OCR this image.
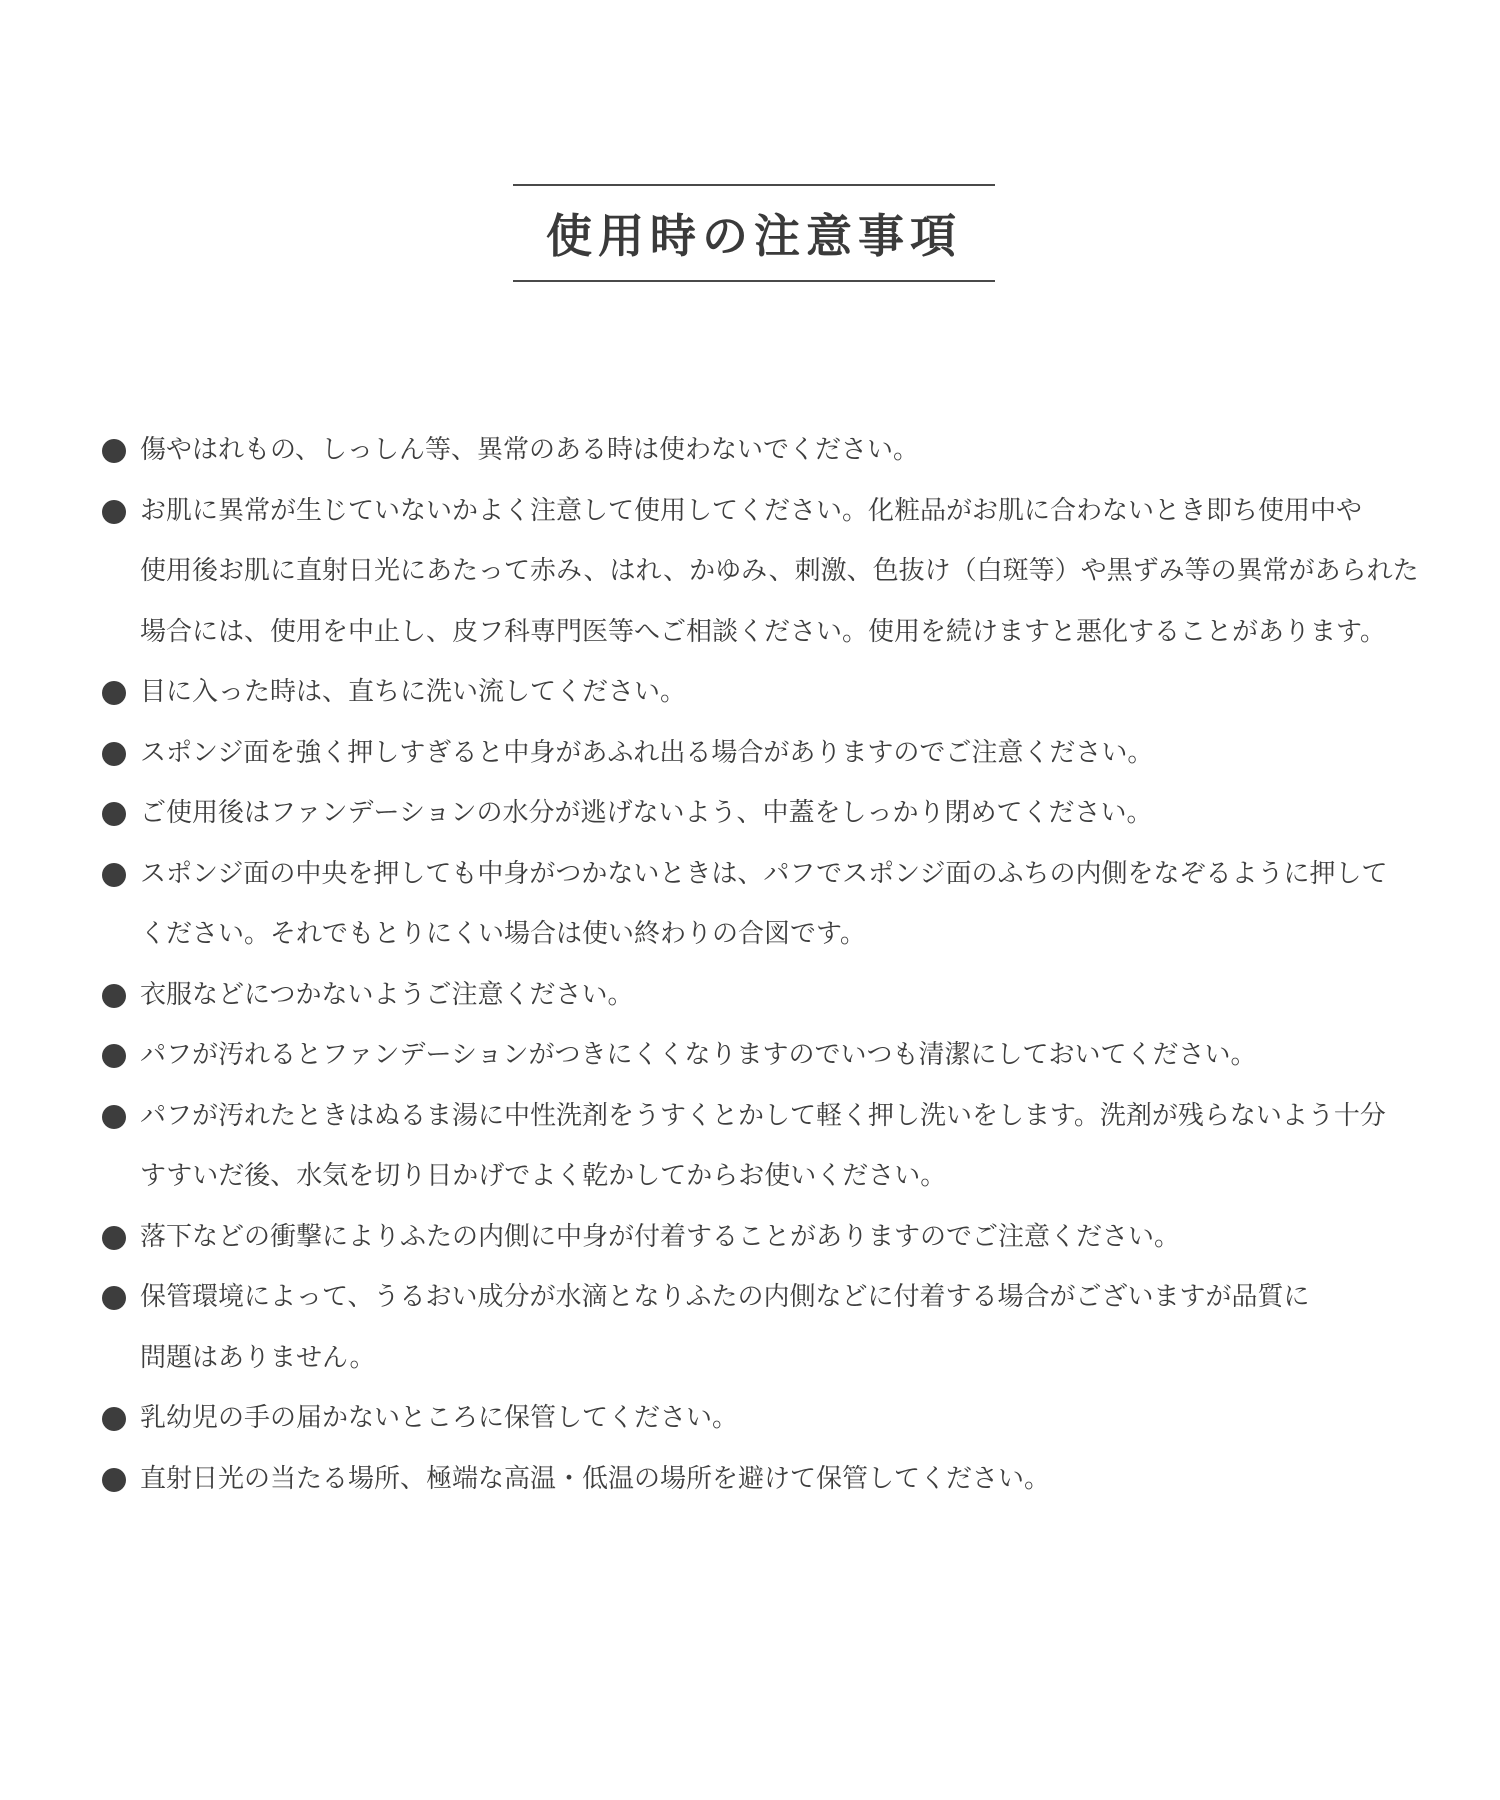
使用時の注意事項
傷やはれもの、しっしん等、異常のある時は使わないでください。
お肌に異常が生じていないかよく注意して使用してください。化粧品がお肌に合わないとき即ち使用中や
使用後お肌に直射日光にあたって赤み、はれ、かゆみ、刺激、色抜け（白斑等）や黒ずみ等の異常があられた
場合には、使用を中止し、皮フ科専門医等へご相談ください。使用を続けますと悪化することがあります。
目に入った時は、直ちに洗い流してください。
スポンジ面を強く押しすぎると中身があふれ出る場合がありますのでご注意ください。
ご使用後はファンデーションの水分が逃げないよう、中蓋をしっかり閉めてください。
スポンジ面の中央を押しても中身がつかないときは、パフでスポンジ面のふちの内側をなぞるように押して
ください。それでもとりにくい場合は使い終わりの合図です。
衣服などにつかないようご注意ください。
パフが汚れるとファンデーションがつきにくくなりますのでいつも清潔にしておいてください。
パフが汚れたときはぬるま湯に中性洗剤をうすくとかして軽く押し洗いをします。洗剤が残らないよう十分
すすいだ後、水気を切り日かげでよく乾かしてからお使いください。
落下などの衝撃によりふたの内側に中身が付着することがありますのでご注意ください。
保管環境によって、うるおい成分が水滴となりふたの内側などに付着する場合がございますが品質に
問題はありません。
乳幼児の手の届かないところに保管してください。
直射日光の当たる場所、極端な高温・低温の場所を避けて保管してください。
